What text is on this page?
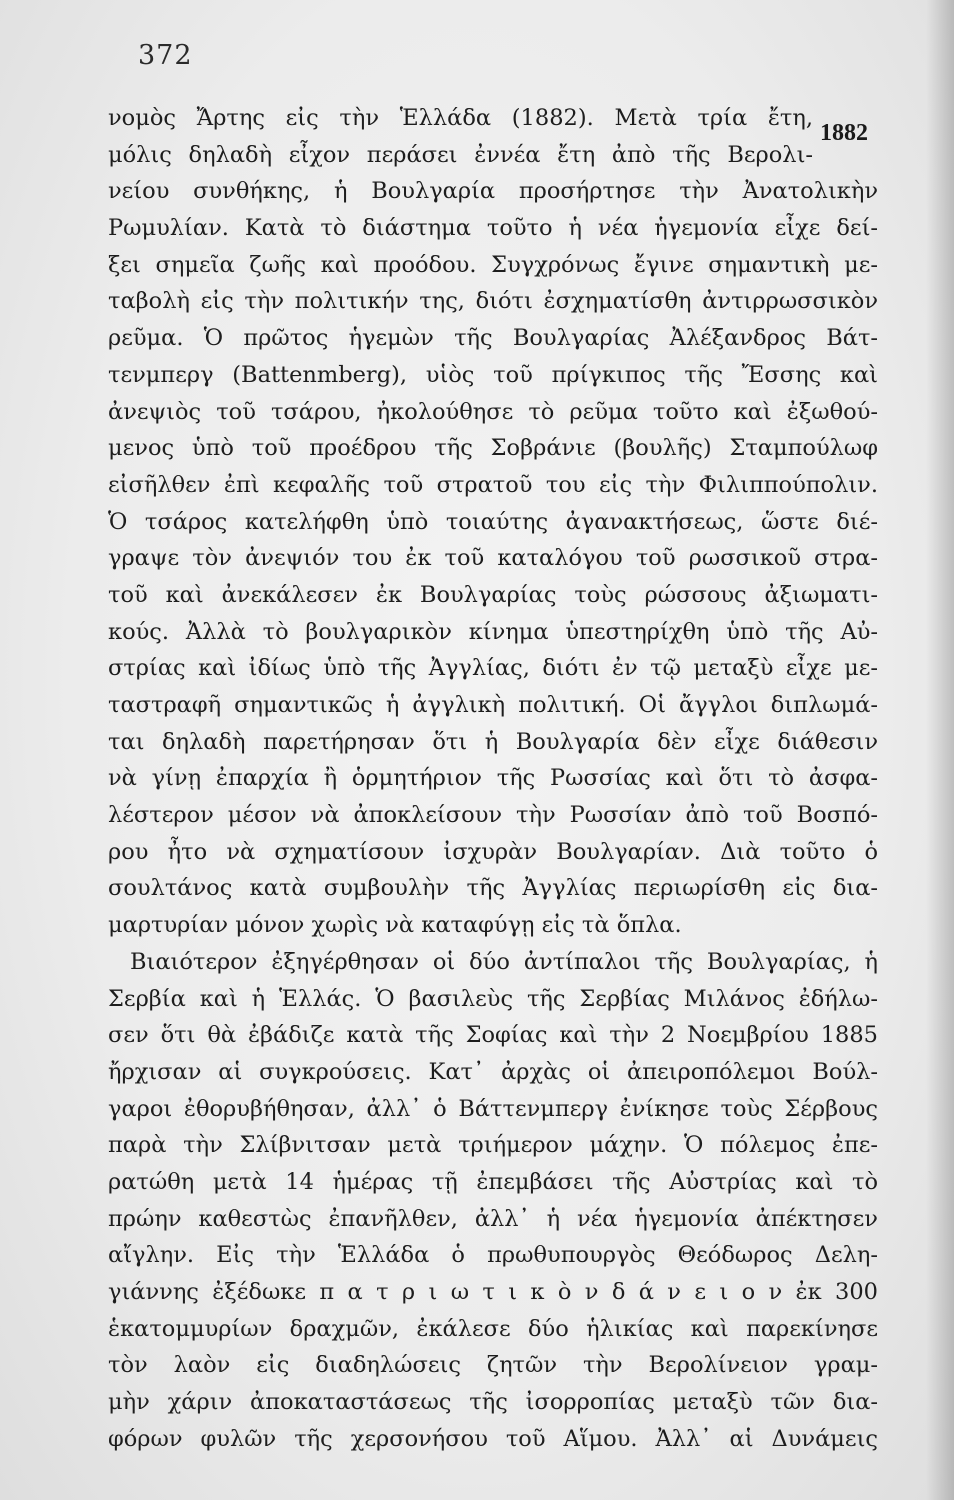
372
1882
νομὸς Ἄρτης εἰς τὴν Ἑλλάδα (1882). Μετὰ τρία ἔτη,
μόλις δηλαδὴ εἶχον περάσει ἐννέα ἔτη ἀπὸ τῆς Βερολι-
νείου συνθήκης, ἡ Βουλγαρία προσήρτησε τὴν Ἀνατολικὴν
Ρωμυλίαν. Κατὰ τὸ διάστημα τοῦτο ἡ νέα ἡγεμονία εἶχε δεί-
ξει σημεῖα ζωῆς καὶ προόδου. Συγχρόνως ἔγινε σημαντικὴ με-
ταβολὴ εἰς τὴν πολιτικήν της, διότι ἐσχηματίσθη ἀντιρρωσσικὸν
ρεῦμα. Ὁ πρῶτος ἡγεμὼν τῆς Βουλγαρίας Ἀλέξανδρος Βάτ-
τενμπεργ (Battenmberg), υἱὸς τοῦ πρίγκιπος τῆς Ἔσσης καὶ
ἀνεψιὸς τοῦ τσάρου, ἠκολούθησε τὸ ρεῦμα τοῦτο καὶ ἐξωθού-
μενος ὑπὸ τοῦ προέδρου τῆς Σοβράνιε (βουλῆς) Σταμπούλωφ
εἰσῆλθεν ἐπὶ κεφαλῆς τοῦ στρατοῦ του εἰς τὴν Φιλιππούπολιν.
Ὁ τσάρος κατελήφθη ὑπὸ τοιαύτης ἀγανακτήσεως, ὥστε διέ-
γραψε τὸν ἀνεψιόν του ἐκ τοῦ καταλόγου τοῦ ρωσσικοῦ στρα-
τοῦ καὶ ἀνεκάλεσεν ἐκ Βουλγαρίας τοὺς ρώσσους ἀξιωματι-
κούς. Ἀλλὰ τὸ βουλγαρικὸν κίνημα ὑπεστηρίχθη ὑπὸ τῆς Αὐ-
στρίας καὶ ἰδίως ὑπὸ τῆς Ἀγγλίας, διότι ἐν τῷ μεταξὺ εἶχε με-
ταστραφῆ σημαντικῶς ἡ ἀγγλικὴ πολιτική. Οἱ ἄγγλοι διπλωμά-
ται δηλαδὴ παρετήρησαν ὅτι ἡ Βουλγαρία δὲν εἶχε διάθεσιν
νὰ γίνῃ ἐπαρχία ἢ ὁρμητήριον τῆς Ρωσσίας καὶ ὅτι τὸ ἀσφα-
λέστερον μέσον νὰ ἀποκλείσουν τὴν Ρωσσίαν ἀπὸ τοῦ Βοσπό-
ρου ἦτο νὰ σχηματίσουν ἰσχυρὰν Βουλγαρίαν. Διὰ τοῦτο ὁ
σουλτάνος κατὰ συμβουλὴν τῆς Ἀγγλίας περιωρίσθη εἰς δια-
μαρτυρίαν μόνον χωρὶς νὰ καταφύγῃ εἰς τὰ ὅπλα.
Βιαιότερον ἐξηγέρθησαν οἱ δύο ἀντίπαλοι τῆς Βουλγαρίας, ἡ
Σερβία καὶ ἡ Ἑλλάς. Ὁ βασιλεὺς τῆς Σερβίας Μιλάνος ἐδήλω-
σεν ὅτι θὰ ἐβάδιζε κατὰ τῆς Σοφίας καὶ τὴν 2 Νοεμβρίου 1885
ἤρχισαν αἱ συγκρούσεις. Κατ᾽ ἀρχὰς οἱ ἀπειροπόλεμοι Βούλ-
γαροι ἐθορυβήθησαν, ἀλλ᾽ ὁ Βάττενμπεργ ἐνίκησε τοὺς Σέρβους
παρὰ τὴν Σλίβνιτσαν μετὰ τριήμερον μάχην. Ὁ πόλεμος ἐπε-
ρατώθη μετὰ 14 ἡμέρας τῇ ἐπεμβάσει τῆς Αὐστρίας καὶ τὸ
πρώην καθεστὼς ἐπανῆλθεν, ἀλλ᾽ ἡ νέα ἡγεμονία ἀπέκτησεν
αἴγλην. Εἰς τὴν Ἑλλάδα ὁ πρωθυπουργὸς Θεόδωρος Δελη-
γιάννης ἐξέδωκε π α τ ρ ι ω τ ι κ ὸ ν δ ά ν ε ι ο ν ἐκ 300
ἑκατομμυρίων δραχμῶν, ἐκάλεσε δύο ἡλικίας καὶ παρεκίνησε
τὸν λαὸν εἰς διαδηλώσεις ζητῶν τὴν Βερολίνειον γραμ-
μὴν χάριν ἀποκαταστάσεως τῆς ἰσορροπίας μεταξὺ τῶν δια-
φόρων φυλῶν τῆς χερσονήσου τοῦ Αἵμου. Ἀλλ᾽ αἱ Δυνάμεις
